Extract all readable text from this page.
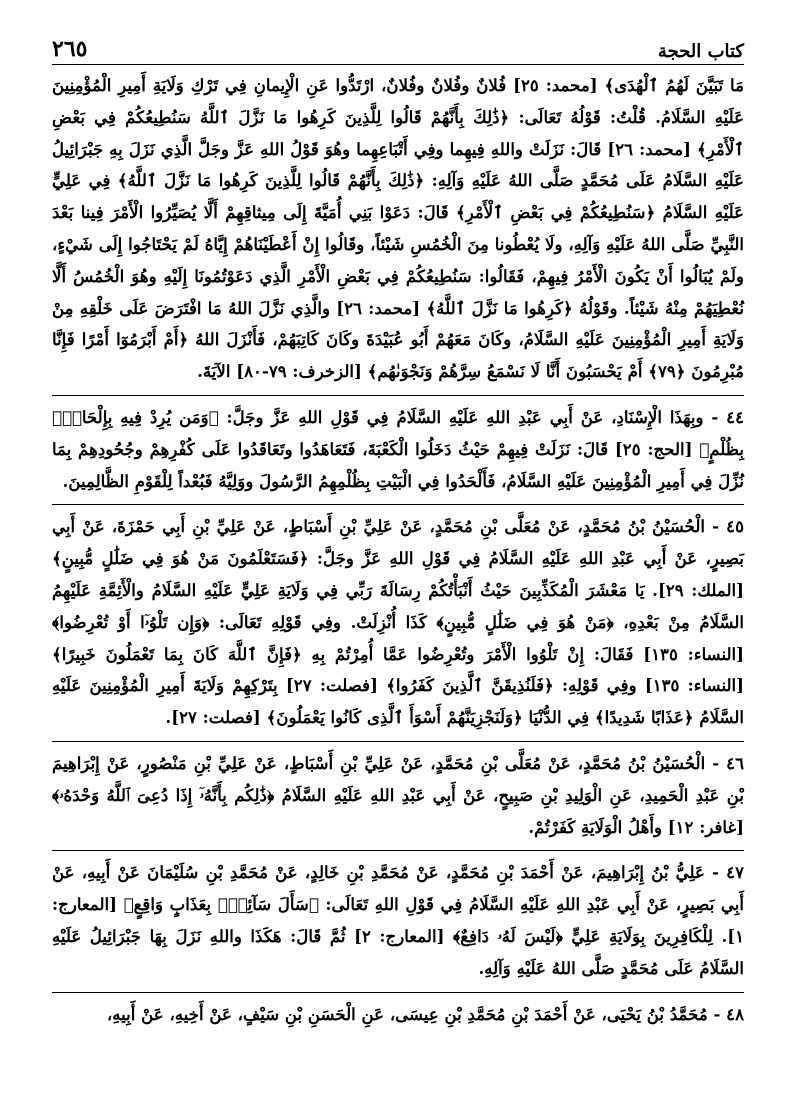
٢٦٥	كتاب الحجة

مَا تَبَيَّنَ لَهُمُ ٱلْهُدَى﴾ [محمد: ٢٥] فُلانٌ وفُلانٌ وفُلانٌ، ارْتَدُّوا عَنِ الْإِيمانِ فِي تَرْكِ وَلَايَةِ أَمِيرِ الْمُؤْمِنِينَ عَلَيْهِ السَّلَامُ. قُلْتُ: قَوْلُهُ تَعَالَى: ﴿ذَٰلِكَ بِأَنَّهُمْ قَالُوا لِلَّذِينَ كَرِهُوا مَا نَزَّلَ ٱللَّهُ سَنُطِيعُكُمْ فِي بَعْضِ ٱلْأَمْرِ﴾ [محمد: ٢٦] قَالَ: نَزَلَتْ واللهِ فِيهِما وفِي أَتْبَاعِهِما وهُوَ قَوْلُ اللهِ عَزَّ وجَلَّ الَّذِي نَزَلَ بِهِ جَبْرَائِيلُ عَلَيْهِ السَّلَامُ عَلَى مُحَمَّدٍ صَلَّى اللهُ عَلَيْهِ وَآلِهِ: ﴿ذَٰلِكَ بِأَنَّهُمْ قَالُوا لِلَّذِينَ كَرِهُوا مَا نَزَّلَ ٱللَّهُ﴾ فِي عَلِيٍّ عَلَيْهِ السَّلَامُ ﴿سَنُطِيعُكُمْ فِي بَعْضِ ٱلْأَمْرِ﴾ قَالَ: دَعَوْا بَنِي أُمَيَّةَ إِلَى مِيثاقِهِمْ أَلَّا يُصَيِّرُوا الْأَمْرَ فِينا بَعْدَ النَّبِيِّ صَلَّى اللهُ عَلَيْهِ وَآلِهِ، ولَا يُعْطُونا مِنَ الْخُمُسِ شَيْئاً، وقَالُوا إِنْ أَعْطَيْنَاهُمْ إِيَّاهُ لَمْ يَحْتَاجُوا إِلَى شَيْءٍ، ولَمْ يُبَالُوا أَنْ يَكُونَ الْأَمْرُ فِيهِمْ، فَقَالُوا: سَنُطِيعُكُمْ فِي بَعْضِ الْأَمْرِ الَّذِي دَعَوْتُمُونَا إِلَيْهِ وهُوَ الْخُمُسُ أَلَّا نُعْطِيَهُمْ مِنْهُ شَيْئاً. وقَوْلُهُ ﴿كَرِهُوا مَا نَزَّلَ ٱللَّهُ﴾ [محمد: ٢٦] والَّذِي نَزَّلَ اللهُ مَا افْتَرَضَ عَلَى خَلْقِهِ مِنْ وَلَايَةِ أَمِيرِ الْمُؤْمِنِينَ عَلَيْهِ السَّلَامُ، وكَانَ مَعَهُمْ أَبُو عُبَيْدَةَ وكَانَ كَاتِبَهُمْ، فَأَنْزَلَ اللهُ ﴿أَمْ أَبْرَمُوٓا أَمْرًا فَإِنَّا مُبْرِمُونَ ﴿٧٩﴾ أَمْ يَحْسَبُونَ أَنَّا لَا نَسْمَعُ سِرَّهُمْ وَنَجْوَىٰهُم﴾ [الزخرف: ٧٩-٨٠] الآيَةَ.

٤٤ - وبِهَذَا الْإِسْنَادِ، عَنْ أَبِي عَبْدِ اللهِ عَلَيْهِ السَّلَامُ فِي قَوْلِ اللهِ عَزَّ وجَلَّ: ﴿وَمَن يُرِدْ فِيهِ بِإِلْحَادٍۭ بِظُلْمٍ﴾ [الحج: ٢٥] قَالَ: نَزَلَتْ فِيهِمْ حَيْثُ دَخَلُوا الْكَعْبَةَ، فَتَعَاهَدُوا وتَعَاقَدُوا عَلَى كُفْرِهِمْ وجُحُودِهِمْ بِمَا نُزِّلَ فِي أَمِيرِ الْمُؤْمِنِينَ عَلَيْهِ السَّلَامُ، فَأَلْحَدُوا فِي الْبَيْتِ بِظُلْمِهِمُ الرَّسُولَ ووَلِيَّهُ فَبُعْداً لِلْقَوْمِ الظَّالِمِينَ.

٤٥ - الْحُسَيْنُ بْنُ مُحَمَّدٍ، عَنْ مُعَلَّى بْنِ مُحَمَّدٍ، عَنْ عَلِيِّ بْنِ أَسْبَاطٍ، عَنْ عَلِيِّ بْنِ أَبِي حَمْزَةَ، عَنْ أَبِي بَصِيرٍ، عَنْ أَبِي عَبْدِ اللهِ عَلَيْهِ السَّلَامُ فِي قَوْلِ اللهِ عَزَّ وجَلَّ: ﴿فَسَتَعْلَمُونَ مَنْ هُوَ فِي ضَلَٰلٍ مُّبِينٍ﴾ [الملك: ٢٩]. يَا مَعْشَرَ الْمُكَذِّبِينَ حَيْثُ أَنْبَأْتُكُمْ رِسَالَةَ رَبِّي فِي وَلَايَةِ عَلِيٍّ عَلَيْهِ السَّلَامُ والْأَئِمَّةِ عَلَيْهِمُ السَّلَامُ مِنْ بَعْدِهِ، ﴿مَنْ هُوَ فِي ضَلَٰلٍ مُّبِينٍ﴾ كَذَا أُنْزِلَتْ. وفِي قَوْلِهِ تَعَالَى: ﴿وَإِن تَلْوُۥٓا أَوْ تُعْرِضُوا﴾ [النساء: ١٣٥] فَقَالَ: إِنْ تَلْوُوا الْأَمْرَ وتُعْرِضُوا عَمَّا أُمِرْتُمْ بِهِ ﴿فَإِنَّ ٱللَّهَ كَانَ بِمَا تَعْمَلُونَ خَبِيرًا﴾ [النساء: ١٣٥] وفِي قَوْلِهِ: ﴿فَلَنُذِيقَنَّ ٱلَّذِينَ كَفَرُوا﴾ [فصلت: ٢٧] بِتَرْكِهِمْ وَلَايَةَ أَمِيرِ الْمُؤْمِنِينَ عَلَيْهِ السَّلَامُ ﴿عَذَابًا شَدِيدًا﴾ فِي الدُّنْيَا ﴿وَلَنَجْزِيَنَّهُمْ أَسْوَأَ ٱلَّذِى كَانُوا يَعْمَلُونَ﴾ [فصلت: ٢٧].

٤٦ - الْحُسَيْنُ بْنُ مُحَمَّدٍ، عَنْ مُعَلَّى بْنِ مُحَمَّدٍ، عَنْ عَلِيِّ بْنِ أَسْبَاطٍ، عَنْ عَلِيِّ بْنِ مَنْصُورٍ، عَنْ إِبْرَاهِيمَ بْنِ عَبْدِ الْحَمِيدِ، عَنِ الْوَلِيدِ بْنِ صَبِيحٍ، عَنْ أَبِي عَبْدِ اللهِ عَلَيْهِ السَّلَامُ ﴿ذَٰلِكُم بِأَنَّهُۥٓ إِذَا دُعِىَ ٱللَّهُ وَحْدَهُۥ﴾ [غافر: ١٢] وأَهْلُ الْوَلَايَةِ كَفَرْتُمْ.

٤٧ - عَلِيُّ بْنُ إِبْرَاهِيمَ، عَنْ أَحْمَدَ بْنِ مُحَمَّدٍ، عَنْ مُحَمَّدِ بْنِ خَالِدٍ، عَنْ مُحَمَّدِ بْنِ سُلَيْمَانَ عَنْ أَبِيهِ، عَنْ أَبِي بَصِيرٍ، عَنْ أَبِي عَبْدِ اللهِ عَلَيْهِ السَّلَامُ فِي قَوْلِ اللهِ تَعَالَى: ﴿سَأَلَ سَآئِلٌۢ بِعَذَابٍ وَاقِعٍ﴾ [المعارج: ١]. لِلْكَافِرِينَ بِوَلَايَةِ عَلِيٍّ ﴿لَيْسَ لَهُۥ دَافِعٌ﴾ [المعارج: ٢] ثُمَّ قَالَ: هَكَذَا واللهِ نَزَلَ بِهَا جَبْرَائِيلُ عَلَيْهِ السَّلَامُ عَلَى مُحَمَّدٍ صَلَّى اللهُ عَلَيْهِ وَآلِهِ.

٤٨ - مُحَمَّدُ بْنُ يَحْيَى، عَنْ أَحْمَدَ بْنِ مُحَمَّدِ بْنِ عِيسَى، عَنِ الْحَسَنِ بْنِ سَيْفٍ، عَنْ أَخِيهِ، عَنْ أَبِيهِ،
